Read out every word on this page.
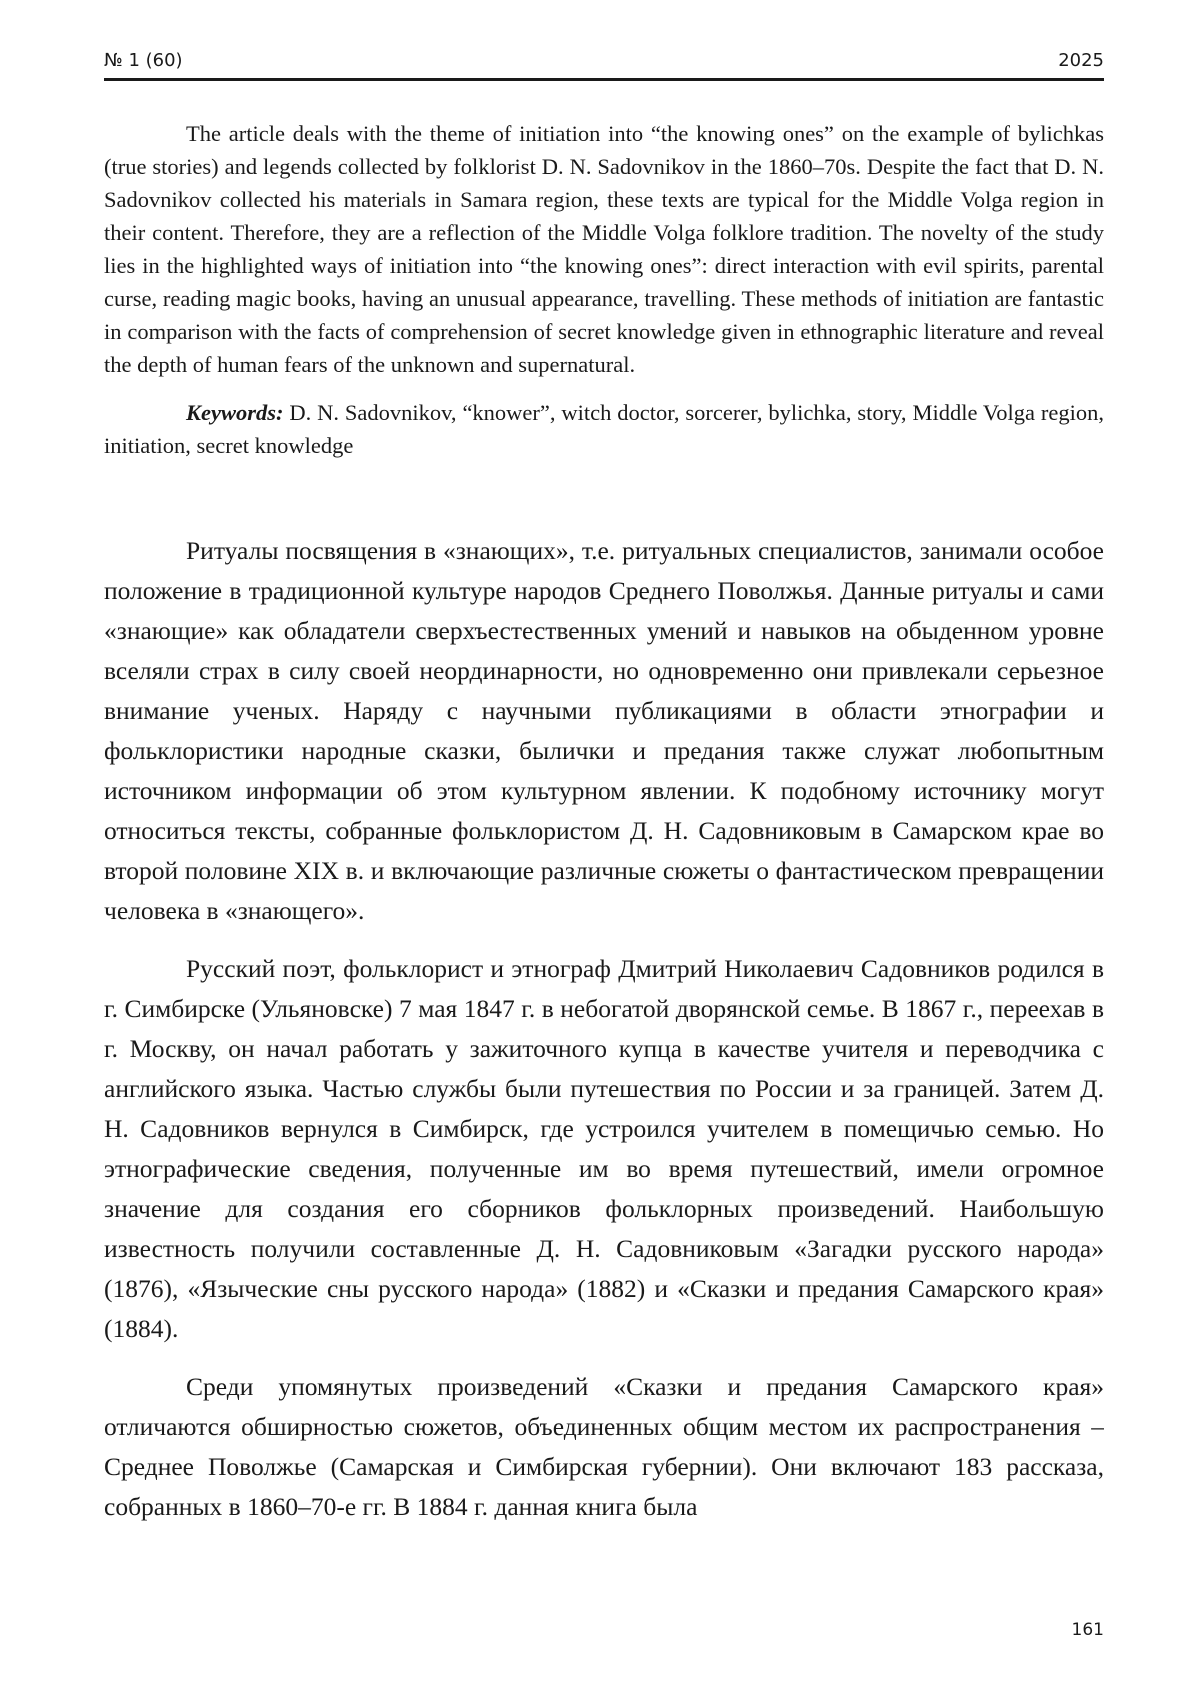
№ 1 (60)	2025

The article deals with the theme of initiation into “the knowing ones” on the example of bylichkas (true stories) and legends collected by folklorist D. N. Sadovnikov in the 1860–70s. Despite the fact that D. N. Sadovnikov collected his materials in Samara region, these texts are typical for the Middle Volga region in their content. Therefore, they are a reflection of the Middle Volga folklore tradition. The novelty of the study lies in the highlighted ways of initiation into “the knowing ones”: direct interaction with evil spirits, parental curse, reading magic books, having an unusual appearance, travelling. These methods of initiation are fantastic in comparison with the facts of comprehension of secret knowledge given in ethnographic literature and reveal the depth of human fears of the unknown and supernatural.

Keywords: D. N. Sadovnikov, “knower”, witch doctor, sorcerer, bylichka, story, Middle Volga region, initiation, secret knowledge

Ритуалы посвящения в «знающих», т.е. ритуальных специалистов, занимали особое положение в традиционной культуре народов Среднего Поволжья. Данные ритуалы и сами «знающие» как обладатели сверхъестественных умений и навыков на обыденном уровне вселяли страх в силу своей неординарности, но одновременно они привлекали серьезное внимание ученых. Наряду с научными публикациями в области этнографии и фольклористики народные сказки, былички и предания также служат любопытным источником информации об этом культурном явлении. К подобному источнику могут относиться тексты, собранные фольклористом Д. Н. Садовниковым в Самарском крае во второй половине XIX в. и включающие различные сюжеты о фантастическом превращении человека в «знающего».

Русский поэт, фольклорист и этнограф Дмитрий Николаевич Садовников родился в г. Симбирске (Ульяновске) 7 мая 1847 г. в небогатой дворянской семье. В 1867 г., переехав в г. Москву, он начал работать у зажиточного купца в качестве учителя и переводчика с английского языка. Частью службы были путешествия по России и за границей. Затем Д. Н. Садовников вернулся в Симбирск, где устроился учителем в помещичью семью. Но этнографические сведения, полученные им во время путешествий, имели огромное значение для создания его сборников фольклорных произведений. Наибольшую известность получили составленные Д. Н. Садовниковым «Загадки русского народа» (1876), «Языческие сны русского народа» (1882) и «Сказки и предания Самарского края» (1884).

Среди упомянутых произведений «Сказки и предания Самарского края» отличаются обширностью сюжетов, объединенных общим местом их распространения – Среднее Поволжье (Самарская и Симбирская губернии). Они включают 183 рассказа, собранных в 1860–70-е гг. В 1884 г. данная книга была

161
